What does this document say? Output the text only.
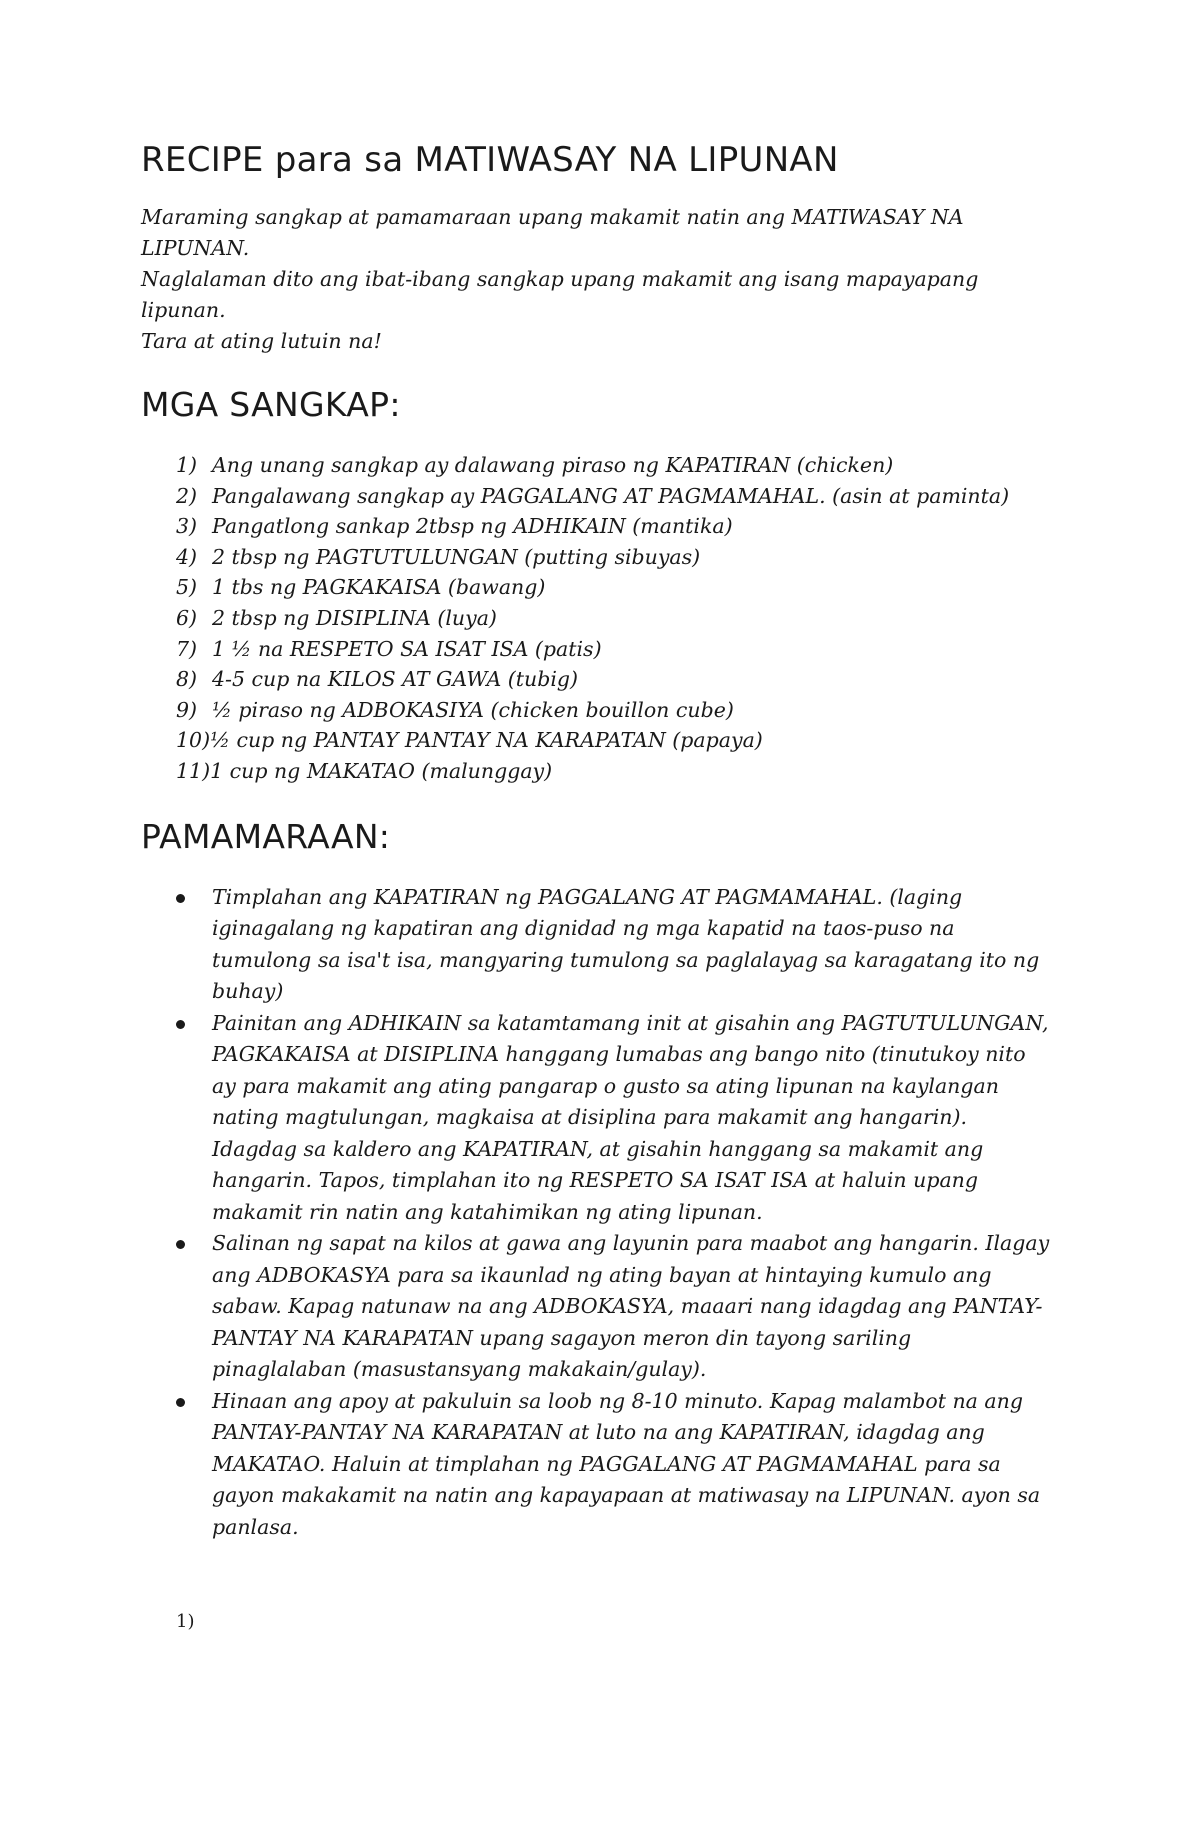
RECIPE para sa MATIWASAY NA LIPUNAN

Maraming sangkap at pamamaraan upang makamit natin ang MATIWASAY NA LIPUNAN.

Naglalaman dito ang ibat-ibang sangkap upang makamit ang isang mapayapang lipunan.

Tara at ating lutuin na!

MGA SANGKAP:
1) Ang unang sangkap ay dalawang piraso ng KAPATIRAN (chicken)
2) Pangalawang sangkap ay PAGGALANG AT PAGMAMAHAL. (asin at paminta)
3) Pangatlong sankap 2tbsp ng ADHIKAIN (mantika)
4) 2 tbsp ng PAGTUTULUNGAN (putting sibuyas)
5) 1 tbs ng PAGKAKAISA (bawang)
6) 2 tbsp ng DISIPLINA (luya)
7) 1 ½ na RESPETO SA ISAT ISA (patis)
8) 4-5 cup na KILOS AT GAWA (tubig)
9) ½ piraso ng ADBOKASIYA (chicken bouillon cube)
10) ½ cup ng PANTAY PANTAY NA KARAPATAN (papaya)
11) 1 cup ng MAKATAO (malunggay)
PAMAMARAAN:
Timplahan ang KAPATIRAN ng PAGGALANG AT PAGMAMAHAL. (laging iginagalang ng kapatiran ang dignidad ng mga kapatid na taos-puso na tumulong sa isa't isa, mangyaring tumulong sa paglalayag sa karagatang ito ng buhay)
Painitan ang ADHIKAIN sa katamtamang init at gisahin ang PAGTUTULUNGAN, PAGKAKAISA at DISIPLINA hanggang lumabas ang bango nito (tinutukoy nito ay para makamit ang ating pangarap o gusto sa ating lipunan na kaylangan nating magtulungan, magkaisa at disiplina para makamit ang hangarin). Idagdag sa kaldero ang KAPATIRAN, at gisahin hanggang sa makamit ang hangarin. Tapos, timplahan ito ng RESPETO SA ISAT ISA at haluin upang makamit rin natin ang katahimikan ng ating lipunan.
Salinan ng sapat na kilos at gawa ang layunin para maabot ang hangarin. Ilagay ang ADBOKASYA para sa ikaunlad ng ating bayan at hintaying kumulo ang sabaw. Kapag natunaw na ang ADBOKASYA, maaari nang idagdag ang PANTAY-PANTAY NA KARAPATAN upang sagayon meron din tayong sariling pinaglalaban (masustansyang makakain/gulay).
Hinaan ang apoy at pakuluin sa loob ng 8-10 minuto. Kapag malambot na ang PANTAY-PANTAY NA KARAPATAN at luto na ang KAPATIRAN, idagdag ang MAKATAO. Haluin at timplahan ng PAGGALANG AT PAGMAMAHAL para sa gayon makakamit na natin ang kapayapaan at matiwasay na LIPUNAN. ayon sa panlasa.
1)
